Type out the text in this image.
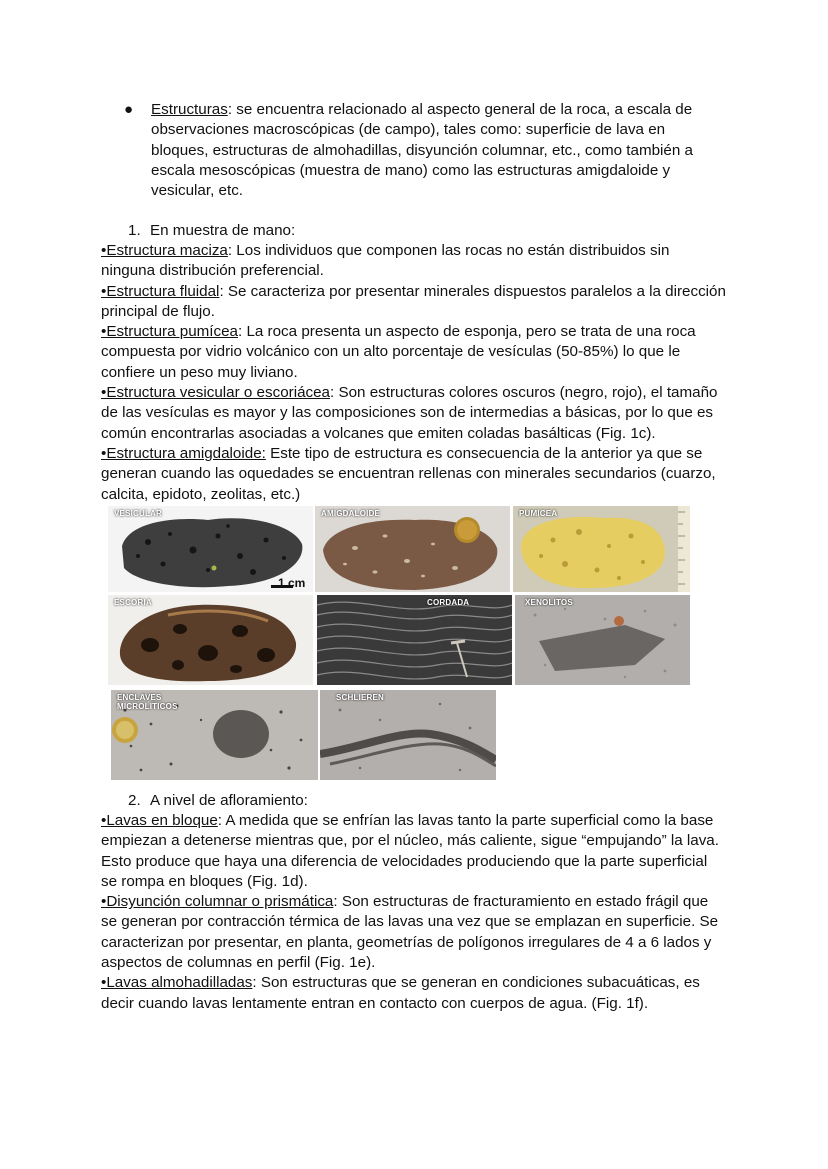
● Estructuras: se encuentra relacionado al aspecto general de la roca, a escala de observaciones macroscópicas (de campo), tales como: superficie de lava en bloques, estructuras de almohadillas, disyunción columnar, etc., como también a escala mesoscópicas (muestra de mano) como las estructuras amigdaloide y vesicular, etc.
1. En muestra de mano:

•Estructura maciza: Los individuos que componen las rocas no están distribuidos sin ninguna distribución preferencial.

•Estructura fluidal: Se caracteriza por presentar minerales dispuestos paralelos a la dirección principal de flujo.

•Estructura pumícea: La roca presenta un aspecto de esponja, pero se trata de una roca compuesta por vidrio volcánico con un alto porcentaje de vesículas (50-85%) lo que le confiere un peso muy liviano.

•Estructura vesicular o escoriácea: Son estructuras colores oscuros (negro, rojo), el tamaño de las vesículas es mayor y las composiciones son de intermedias a básicas, por lo que es común encontrarlas asociadas a volcanes que emiten coladas basálticas (Fig. 1c).

•Estructura amigdaloide: Este tipo de estructura es consecuencia de la anterior ya que se generan cuando las oquedades se encuentran rellenas con minerales secundarios (cuarzo, calcita, epidoto, zeolitas, etc.)

VESICULAR
1 cm
AMIGDALOIDE	PUMICEA
ESCORIA	CORDADA	XENOLITOS
ENCLAVES MICROLITICOS
SCHLIEREN
2. A nivel de afloramiento:

•Lavas en bloque: A medida que se enfrían las lavas tanto la parte superficial como la base empiezan a detenerse mientras que, por el núcleo, más caliente, sigue “empujando” la lava. Esto produce que haya una diferencia de velocidades produciendo que la parte superficial se rompa en bloques (Fig. 1d).

•Disyunción columnar o prismática: Son estructuras de fracturamiento en estado frágil que se generan por contracción térmica de las lavas una vez que se emplazan en superficie. Se caracterizan por presentar, en planta, geometrías de polígonos irregulares de 4 a 6 lados y aspectos de columnas en perfil (Fig. 1e).

•Lavas almohadilladas: Son estructuras que se generan en condiciones subacuáticas, es decir cuando lavas lentamente entran en contacto con cuerpos de agua. (Fig. 1f).
